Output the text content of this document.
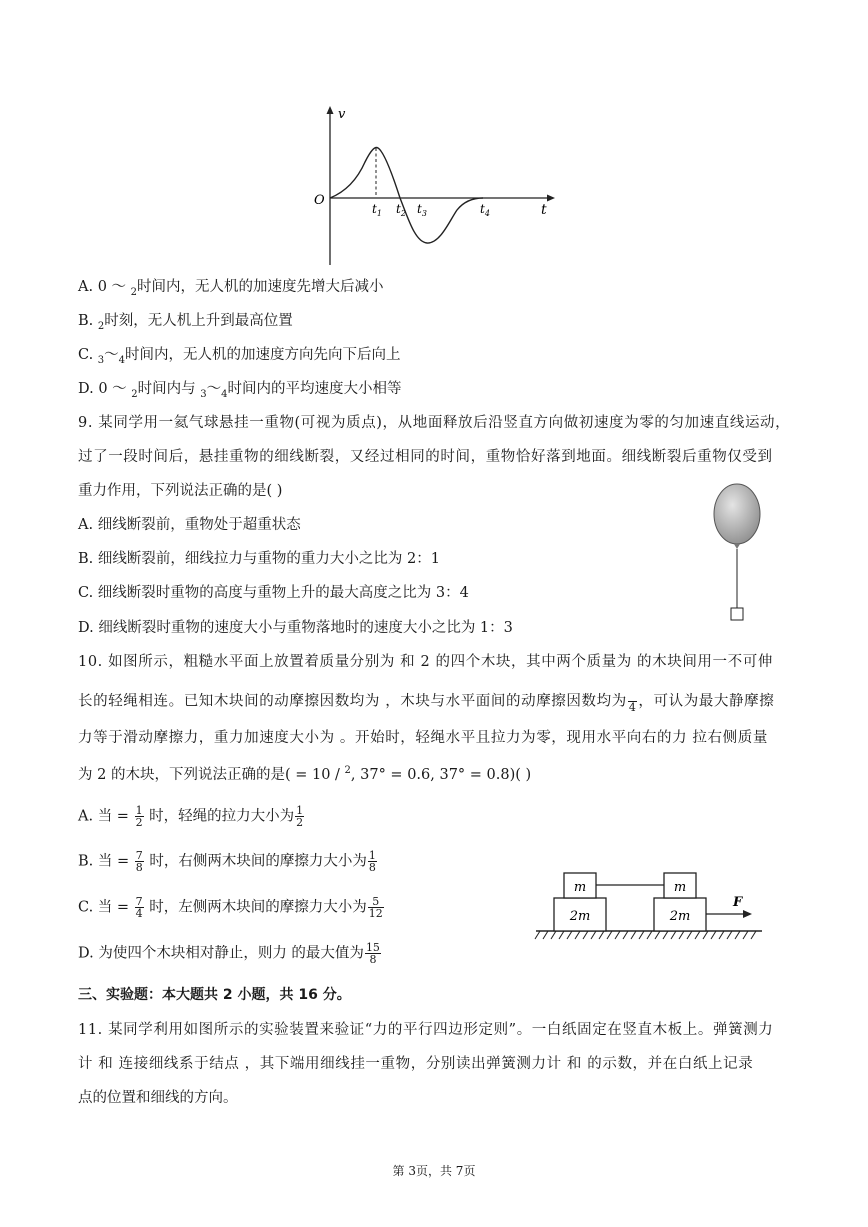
v
t
O
$t_1$ $t_2$ $t_3$	$t_4$
A. 0 ～ $_2$时间内，无人机的加速度先增大后减小
B. $_2$时刻，无人机上升到最高位置
C. $_3\sim_4$时间内，无人机的加速度方向先向下后向上
D. 0 ～ $_2$时间内与 $_3\sim_4$时间内的平均速度大小相等
9. 某同学用一氦气球悬挂一重物(可视为质点)，从地面释放后沿竖直方向做初速度为零的匀加速直线运动，
过了一段时间后，悬挂重物的细线断裂，又经过相同的时间，重物恰好落到地面。细线断裂后重物仅受到
重力作用，下列说法正确的是( )
A. 细线断裂前，重物处于超重状态
B. 细线断裂前，细线拉力与重物的重力大小之比为 2：1
C. 细线断裂时重物的高度与重物上升的最大高度之比为 3：4
D. 细线断裂时重物的速度大小与重物落地时的速度大小之比为 1：3
10. 如图所示，粗糙水平面上放置着质量分别为 和 2 的四个木块，其中两个质量为 的木块间用一不可伸
长的轻绳相连。已知木块间的动摩擦因数均为 ，木块与水平面间的动摩擦因数均为
  4 ，可认为最大静摩擦
力等于滑动摩擦力，重力加速度大小为 。开始时，轻绳水平且拉力为零，现用水平向右的力 拉右侧质量
为 2 的木块，下列说法正确的是( = 10 / $^2$, 37° = 0.6, 37° = 0.8)( )
A. 当 = $\frac{1}{2}$ 时，轻绳的拉力大小为 $\frac{1}{2}$
B. 当 = $\frac{7}{8}$ 时，右侧两木块间的摩擦力大小为 $\frac{1}{8}$
C. 当 = $\frac{7}{4}$ 时，左侧两木块间的摩擦力大小为 $\frac{5}{12}$
D. 为使四个木块相对静止，则力 的最大值为 $\frac{15}{8}$
m	m
2m	2m
F
三、实验题：本大题共 2 小题，共 16 分。
11. 某同学利用如图所示的实验装置来验证“力的平行四边形定则”。一白纸固定在竖直木板上。弹簧测力
计 和 连接细线系于结点 ，其下端用细线挂一重物，分别读出弹簧测力计 和 的示数，并在白纸上记录
点的位置和细线的方向。
第 3页，共 7页
